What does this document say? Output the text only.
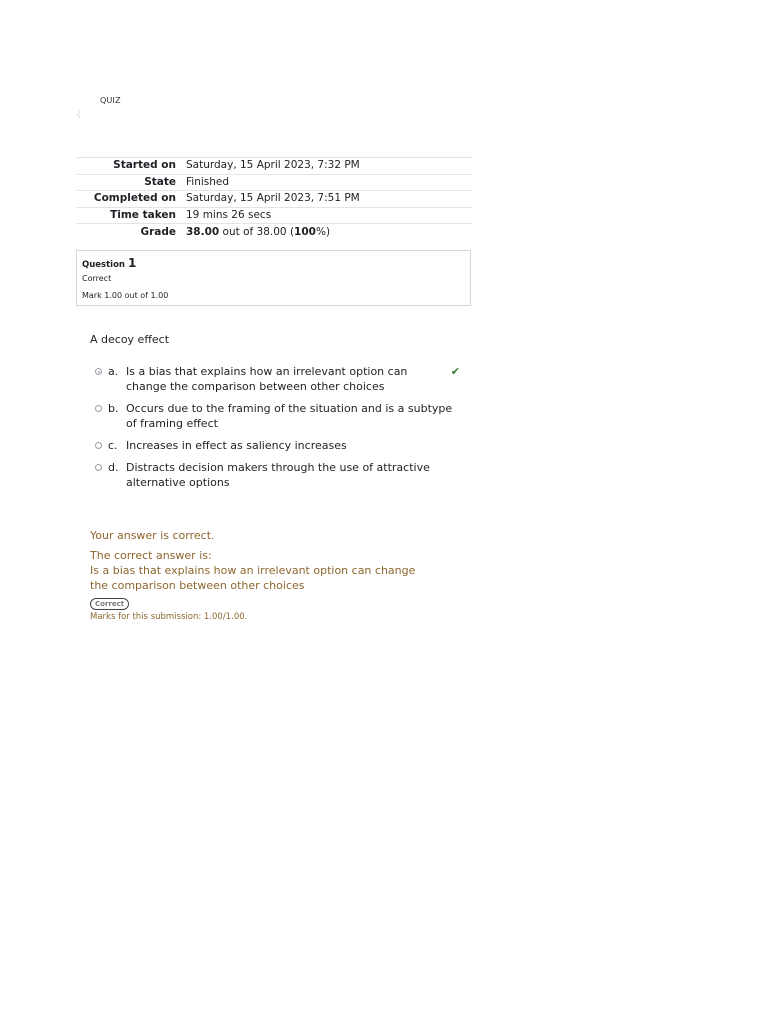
QUIZ
·(
Started on	Saturday, 15 April 2023, 7:32 PM
State	Finished
Completed on	Saturday, 15 April 2023, 7:51 PM
Time taken	19 mins 26 secs
Grade	38.00 out of 38.00 (100%)
Question 1
Correct
Mark 1.00 out of 1.00
A decoy effect
a. Is a bias that explains how an irrelevant option can change the comparison between other choices
✔
b. Occurs due to the framing of the situation and is a subtype of framing effect
c. Increases in effect as saliency increases
d. Distracts decision makers through the use of attractive alternative options
Your answer is correct.
The correct answer is:
Is a bias that explains how an irrelevant option can change the comparison between other choices
Correct
Marks for this submission: 1.00/1.00.
